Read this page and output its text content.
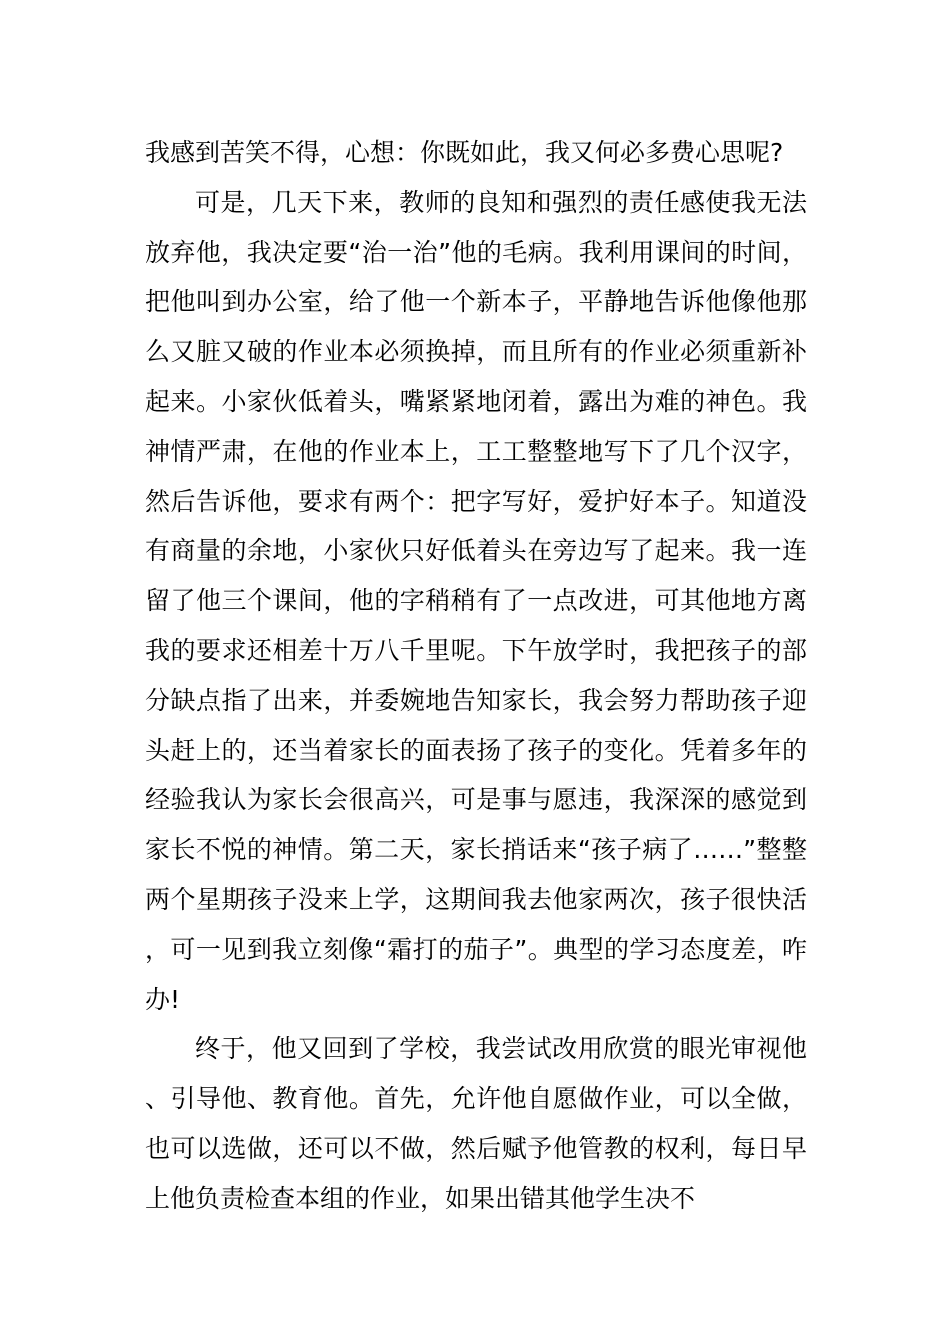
我感到苦笑不得，心想：你既如此，我又何必多费心思呢?

可是，几天下来，教师的良知和强烈的责任感使我无法放弃他，我决定要“治一治”他的毛病。我利用课间的时间，把他叫到办公室，给了他一个新本子，平静地告诉他像他那么又脏又破的作业本必须换掉，而且所有的作业必须重新补起来。小家伙低着头，嘴紧紧地闭着，露出为难的神色。我神情严肃，在他的作业本上，工工整整地写下了几个汉字，然后告诉他，要求有两个：把字写好，爱护好本子。知道没有商量的余地，小家伙只好低着头在旁边写了起来。我一连留了他三个课间，他的字稍稍有了一点改进，可其他地方离我的要求还相差十万八千里呢。下午放学时，我把孩子的部分缺点指了出来，并委婉地告知家长，我会努力帮助孩子迎头赶上的，还当着家长的面表扬了孩子的变化。凭着多年的经验我认为家长会很高兴，可是事与愿违，我深深的感觉到家长不悦的神情。第二天，家长捎话来“孩子病了……”整整两个星期孩子没来上学，这期间我去他家两次，孩子很快活，可一见到我立刻像“霜打的茄子”。典型的学习态度差，咋办!

终于，他又回到了学校，我尝试改用欣赏的眼光审视他、引导他、教育他。首先，允许他自愿做作业，可以全做，也可以选做，还可以不做，然后赋予他管教的权利，每日早上他负责检查本组的作业，如果出错其他学生决不
